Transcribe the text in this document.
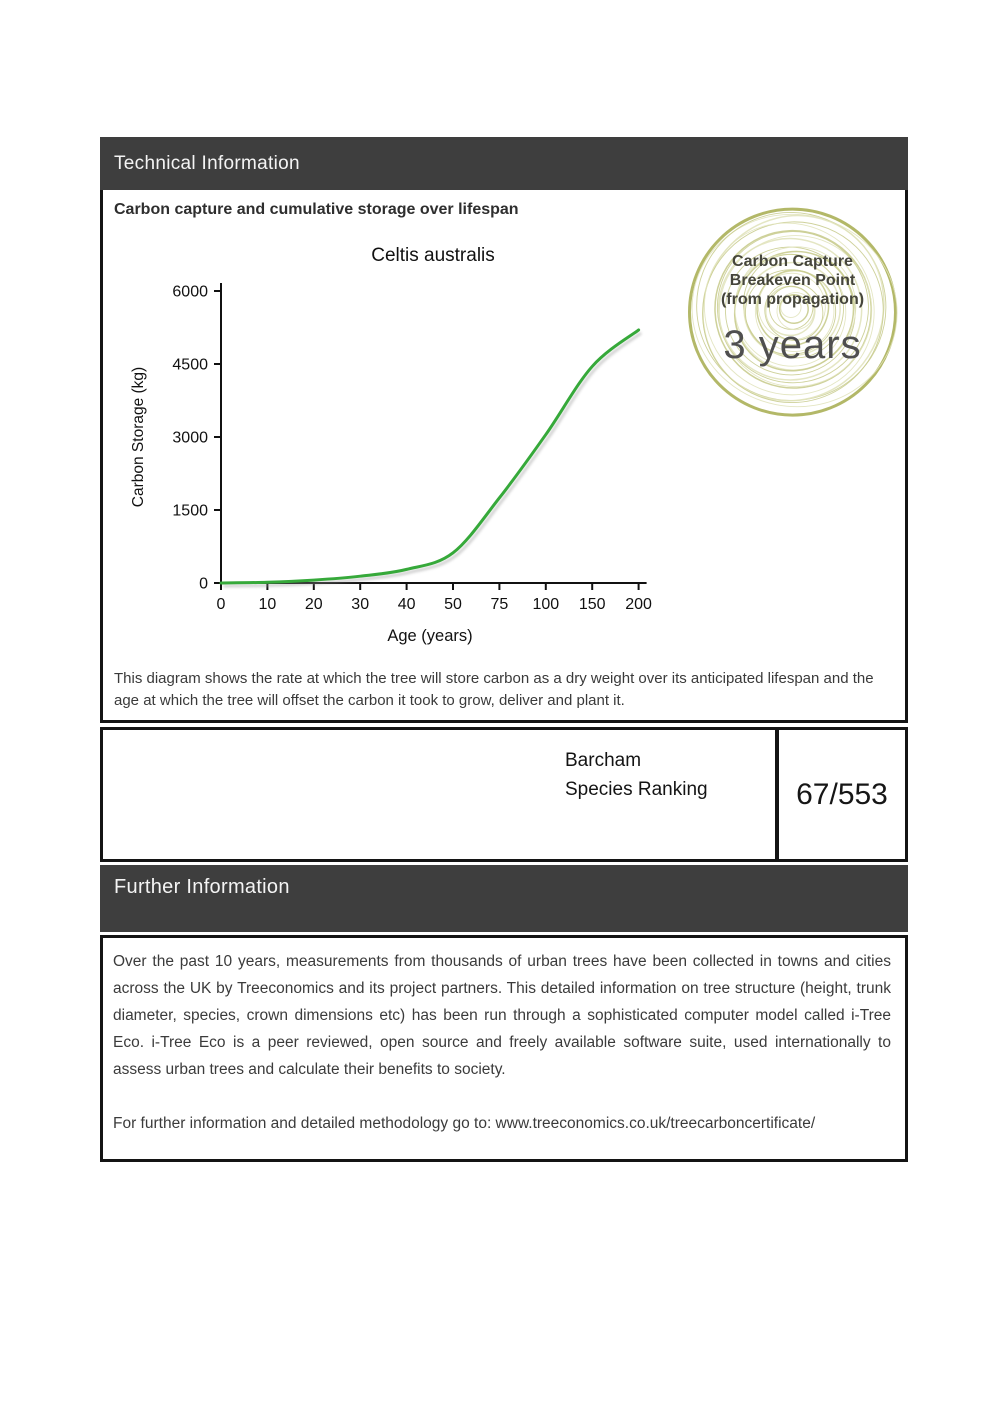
Technical Information
Carbon capture and cumulative storage over lifespan
Celtis australis
Carbon Storage (kg)
Age (years)
0
1500
3000
4500
6000
0 10 20 30 40 50 75 100 150 200
Carbon Capture
Breakeven Point
(from propagation)
3 years
This diagram shows the rate at which the tree will store carbon as a dry weight over its anticipated lifespan and the age at which the tree will offset the carbon it took to grow, deliver and plant it.
Barcham
Species Ranking	67/553
Further Information

Over the past 10 years, measurements from thousands of urban trees have been collected in towns and cities across the UK by Treeconomics and its project partners. This detailed information on tree structure (height, trunk diameter, species, crown dimensions etc) has been run through a sophisticated computer model called i-Tree Eco. i-Tree Eco is a peer reviewed, open source and freely available software suite, used internationally to assess urban trees and calculate their benefits to society.

For further information and detailed methodology go to: www.treeconomics.co.uk/treecarboncertificate/
